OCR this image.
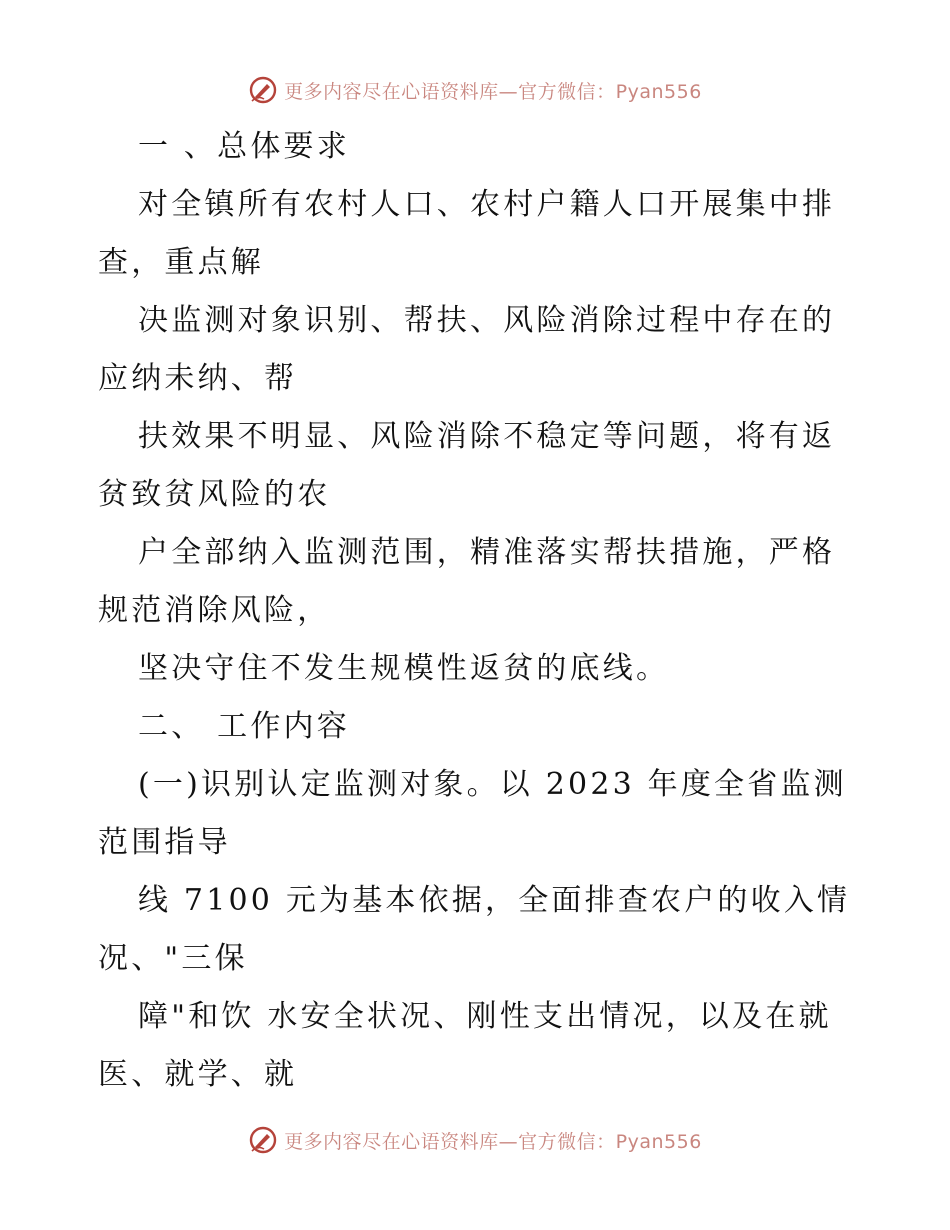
更多内容尽在心语资料库—官方微信：Pyan556
一 、总体要求
对全镇所有农村人口、农村户籍人口开展集中排
查，重点解
决监测对象识别、帮扶、风险消除过程中存在的
应纳未纳、帮
扶效果不明显、风险消除不稳定等问题，将有返
贫致贫风险的农
户全部纳入监测范围，精准落实帮扶措施，严格
规范消除风险，
坚决守住不发生规模性返贫的底线。
二、 工作内容
(一)识别认定监测对象。以 2023 年度全省监测
范围指导
线 7100 元为基本依据，全面排查农户的收入情
况、"三保
障"和饮 水安全状况、刚性支出情况，以及在就
医、就学、就
更多内容尽在心语资料库—官方微信：Pyan556
